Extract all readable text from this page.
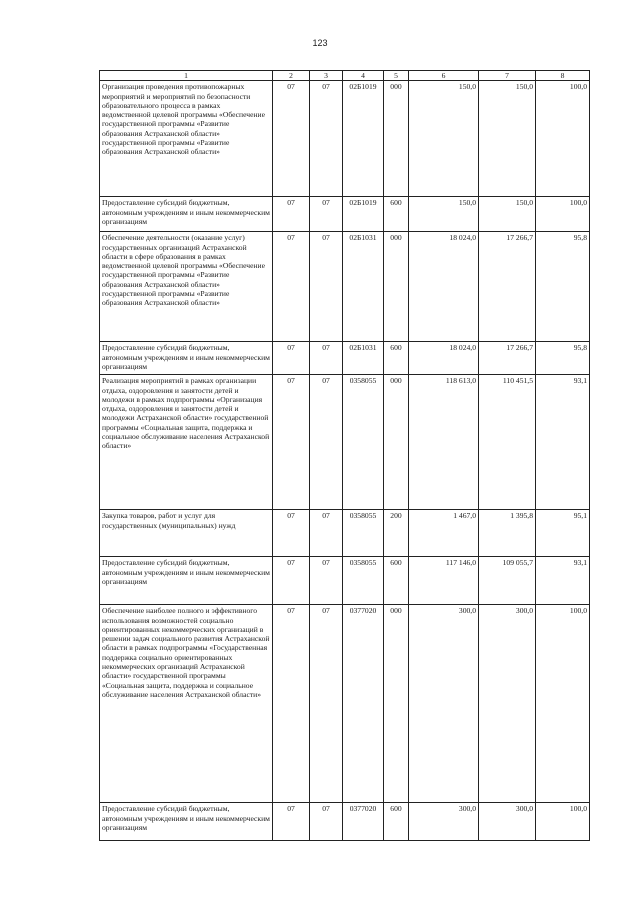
123
1	2	3	4	5	6	7	8
Организация проведения противопожарных мероприятий и мероприятий по безопасности образовательного процесса в рамках ведомственной целевой программы «Обеспечение государственной программы «Развитие образования Астраханской области» государственной программы «Развитие образования Астраханской области»	07	07	02Б1019	000	150,0	150,0	100,0
Предоставление субсидий бюджетным, автономным учреждениям и иным некоммерческим организациям	07	07	02Б1019	600	150,0	150,0	100,0
Обеспечение деятельности (оказание услуг) государственных организаций Астраханской области в сфере образования в рамках ведомственной целевой программы «Обеспечение государственной программы «Развитие образования Астраханской области» государственной программы «Развитие образования Астраханской области»	07	07	02Б1031	000	18 024,0	17 266,7	95,8
Предоставление субсидий бюджетным, автономным учреждениям и иным некоммерческим организациям	07	07	02Б1031	600	18 024,0	17 266,7	95,8
Реализация мероприятий в рамках организации отдыха, оздоровления и занятости детей и молодежи в рамках подпрограммы «Организация отдыха, оздоровления и занятости детей и молодежи Астраханской области» государственной программы «Социальная защита, поддержка и социальное обслуживание населения Астраханской области»	07	07	0358055	000	118 613,0	110 451,5	93,1
Закупка товаров, работ и услуг для государственных (муниципальных) нужд	07	07	0358055	200	1 467,0	1 395,8	95,1
Предоставление субсидий бюджетным, автономным учреждениям и иным некоммерческим организациям	07	07	0358055	600	117 146,0	109 055,7	93,1
Обеспечение наиболее полного и эффективного использования возможностей социально ориентированных некоммерческих организаций в решении задач социального развития Астраханской области в рамках подпрограммы «Государственная поддержка социально ориентированных некоммерческих организаций Астраханской области» государственной программы «Социальная защита, поддержка и социальное обслуживание населения Астраханской области»	07	07	0377020	000	300,0	300,0	100,0
Предоставление субсидий бюджетным, автономным учреждениям и иным некоммерческим организациям	07	07	0377020	600	300,0	300,0	100,0
